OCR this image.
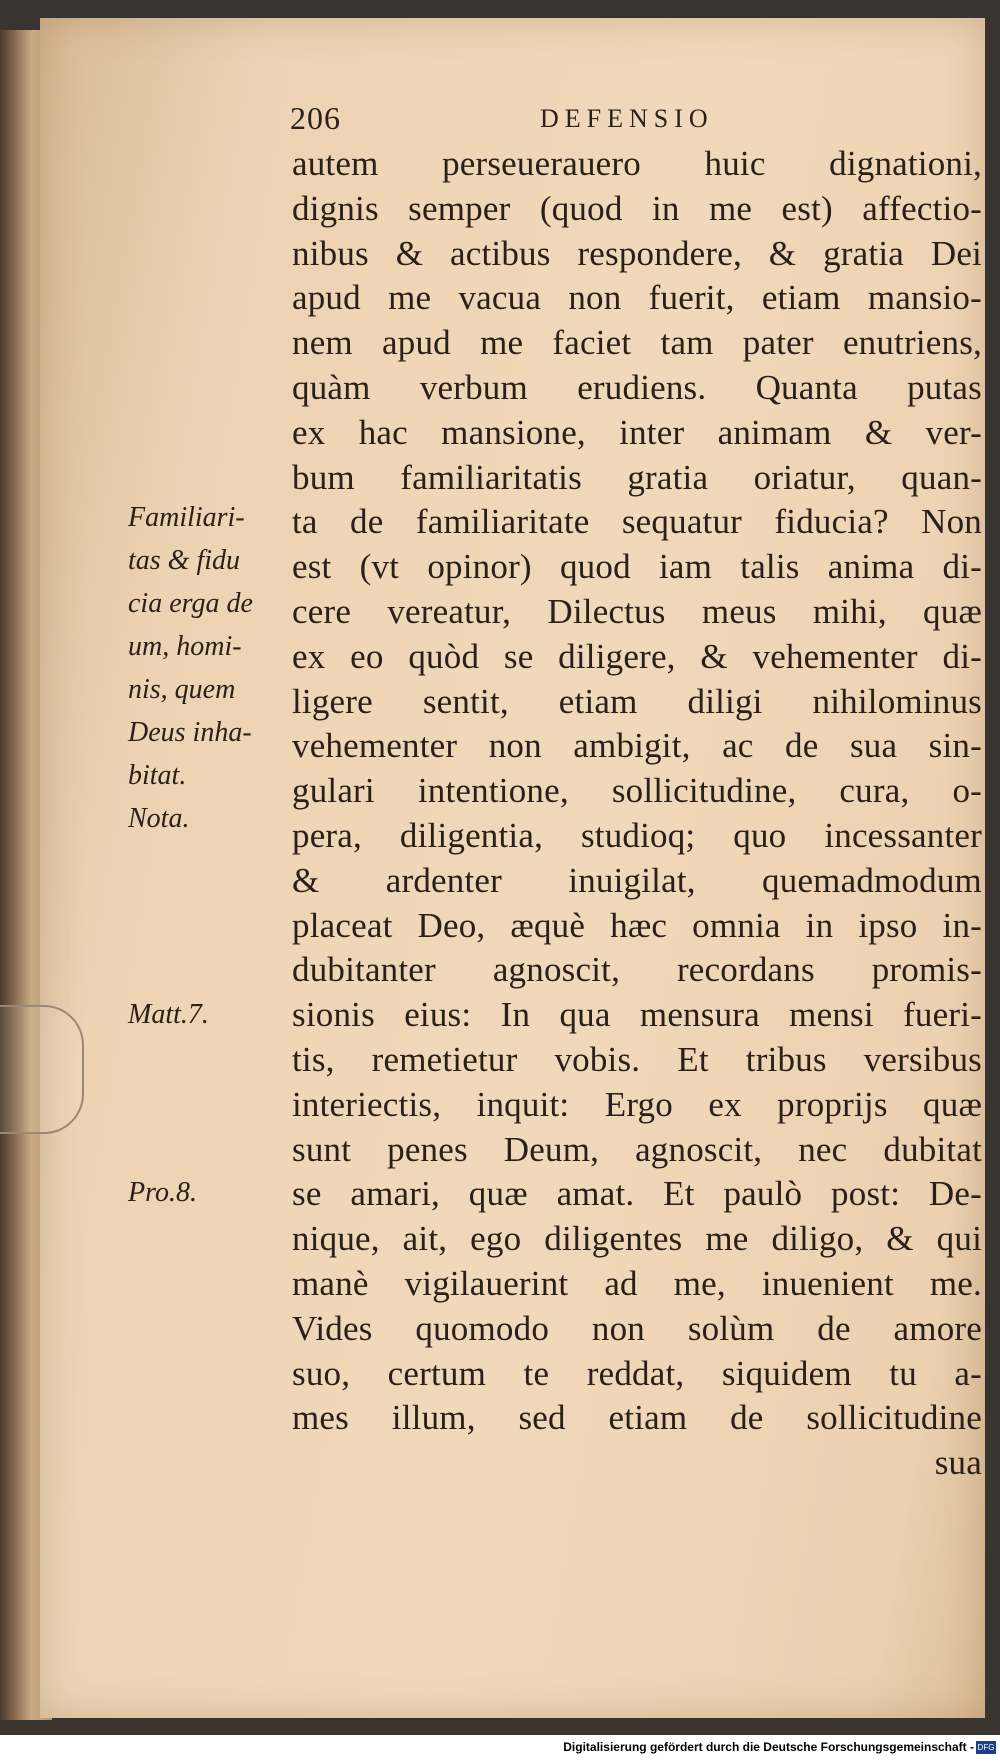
206	DEFENSIO
autem perseuerauero huic dignationi,
dignis semper (quod in me est) affectio-
nibus & actibus respondere, & gratia Dei
apud me vacua non fuerit, etiam mansio-
nem apud me faciet tam pater enutriens,
quàm verbum erudiens. Quanta putas
ex hac mansione, inter animam & ver-
bum familiaritatis gratia oriatur, quan-
ta de familiaritate sequatur fiducia? Non
est (vt opinor) quod iam talis anima di-
cere vereatur, Dilectus meus mihi, quæ
ex eo quòd se diligere, & vehementer di-
ligere sentit, etiam diligi nihilominus
vehementer non ambigit, ac de sua sin-
gulari intentione, sollicitudine, cura, o-
pera, diligentia, studioq; quo incessanter
& ardenter inuigilat, quemadmodum
placeat Deo, æquè hæc omnia in ipso in-
dubitanter agnoscit, recordans promis-
sionis eius: In qua mensura mensi fueri-
tis, remetietur vobis. Et tribus versibus
interiectis, inquit: Ergo ex proprijs quæ
sunt penes Deum, agnoscit, nec dubitat
se amari, quæ amat. Et paulò post: De-
nique, ait, ego diligentes me diligo, & qui
manè vigilauerint ad me, inuenient me.
Vides quomodo non solùm de amore
suo, certum te reddat, siquidem tu a-
mes illum, sed etiam de sollicitudine
sua
Familiari-
tas & fidu
cia erga de
um, homi-
nis, quem
Deus inha-
bitat.
Nota.
Matt.7.
Pro.8.
Digitalisierung gefördert durch die Deutsche Forschungsgemeinschaft - DFG
